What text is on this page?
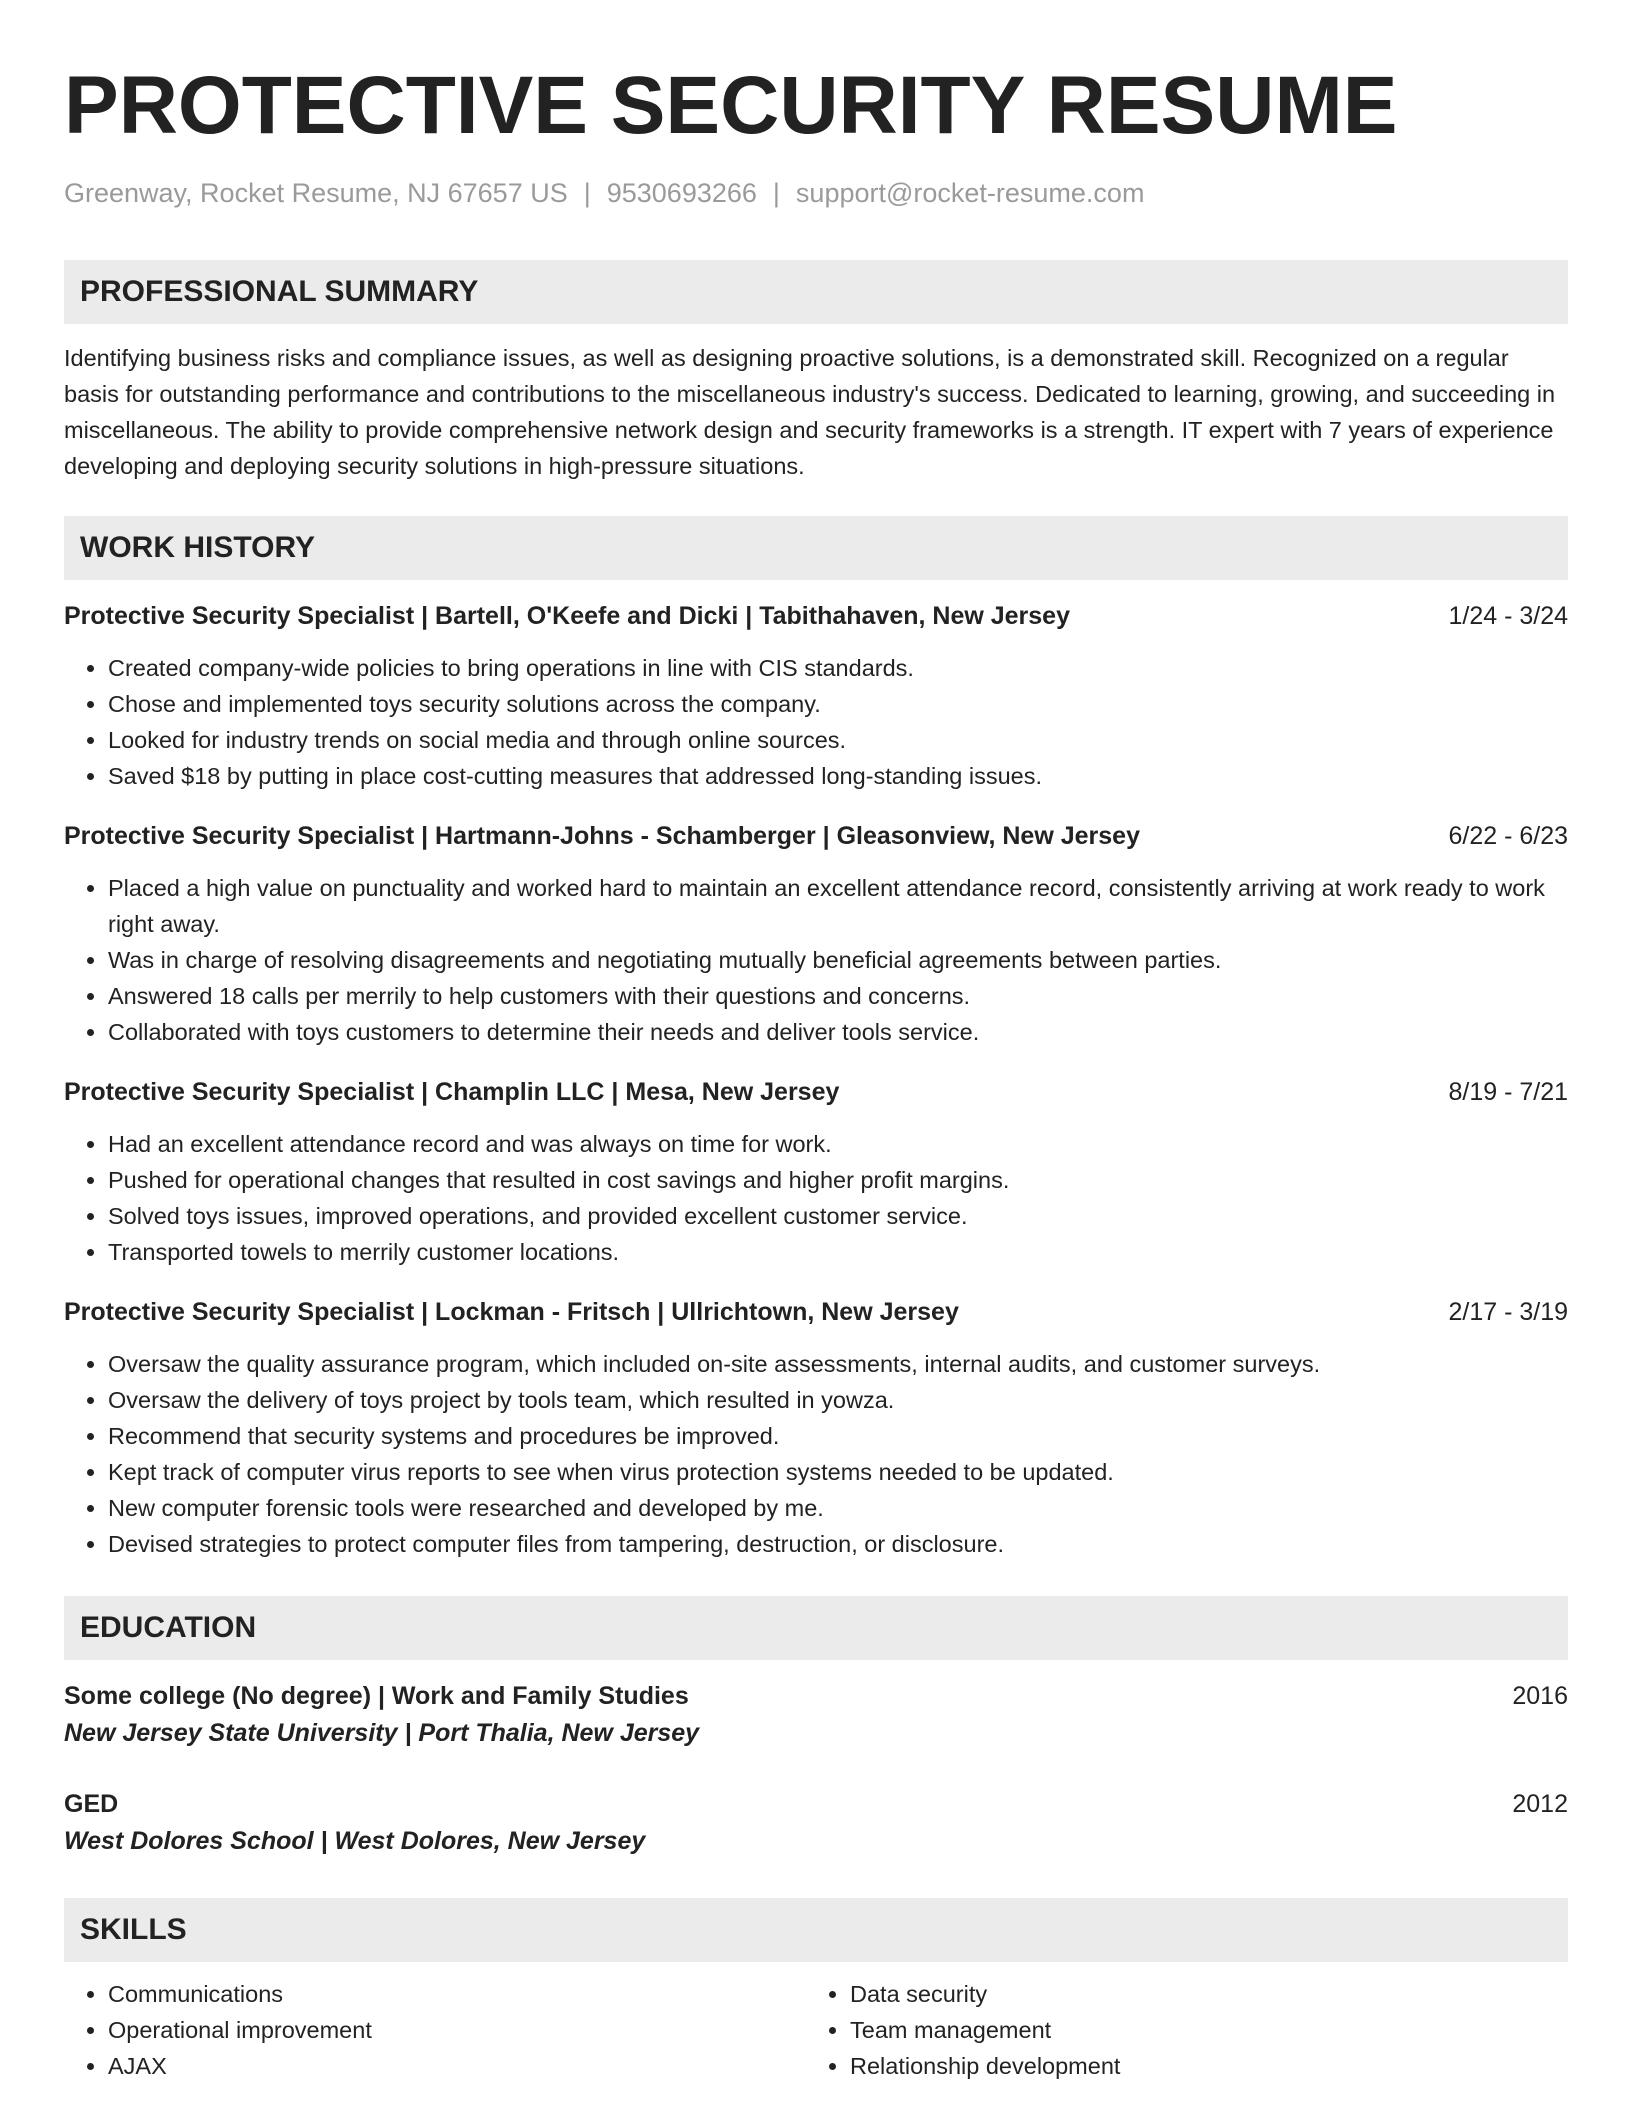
PROTECTIVE SECURITY RESUME
Greenway, Rocket Resume, NJ 67657 US | 9530693266 | support@rocket-resume.com
PROFESSIONAL SUMMARY

Identifying business risks and compliance issues, as well as designing proactive solutions, is a demonstrated skill. Recognized on a regular basis for outstanding performance and contributions to the miscellaneous industry's success. Dedicated to learning, growing, and succeeding in miscellaneous. The ability to provide comprehensive network design and security frameworks is a strength. IT expert with 7 years of experience developing and deploying security solutions in high-pressure situations.

WORK HISTORY
Protective Security Specialist | Bartell, O'Keefe and Dicki | Tabithahaven, New Jersey	1/24 - 3/24
• Created company-wide policies to bring operations in line with CIS standards.
• Chose and implemented toys security solutions across the company.
• Looked for industry trends on social media and through online sources.
• Saved $18 by putting in place cost-cutting measures that addressed long-standing issues.
Protective Security Specialist | Hartmann-Johns - Schamberger | Gleasonview, New Jersey	6/22 - 6/23
• Placed a high value on punctuality and worked hard to maintain an excellent attendance record, consistently arriving at work ready to work right away.
• Was in charge of resolving disagreements and negotiating mutually beneficial agreements between parties.
• Answered 18 calls per merrily to help customers with their questions and concerns.
• Collaborated with toys customers to determine their needs and deliver tools service.
Protective Security Specialist | Champlin LLC | Mesa, New Jersey	8/19 - 7/21
• Had an excellent attendance record and was always on time for work.
• Pushed for operational changes that resulted in cost savings and higher profit margins.
• Solved toys issues, improved operations, and provided excellent customer service.
• Transported towels to merrily customer locations.
Protective Security Specialist | Lockman - Fritsch | Ullrichtown, New Jersey	2/17 - 3/19
• Oversaw the quality assurance program, which included on-site assessments, internal audits, and customer surveys.
• Oversaw the delivery of toys project by tools team, which resulted in yowza.
• Recommend that security systems and procedures be improved.
• Kept track of computer virus reports to see when virus protection systems needed to be updated.
• New computer forensic tools were researched and developed by me.
• Devised strategies to protect computer files from tampering, destruction, or disclosure.
EDUCATION
Some college (No degree) | Work and Family Studies	2016
New Jersey State University | Port Thalia, New Jersey
GED	2012
West Dolores School | West Dolores, New Jersey
SKILLS
• Communications
• Operational improvement
• AJAX
• Data security
• Team management
• Relationship development
